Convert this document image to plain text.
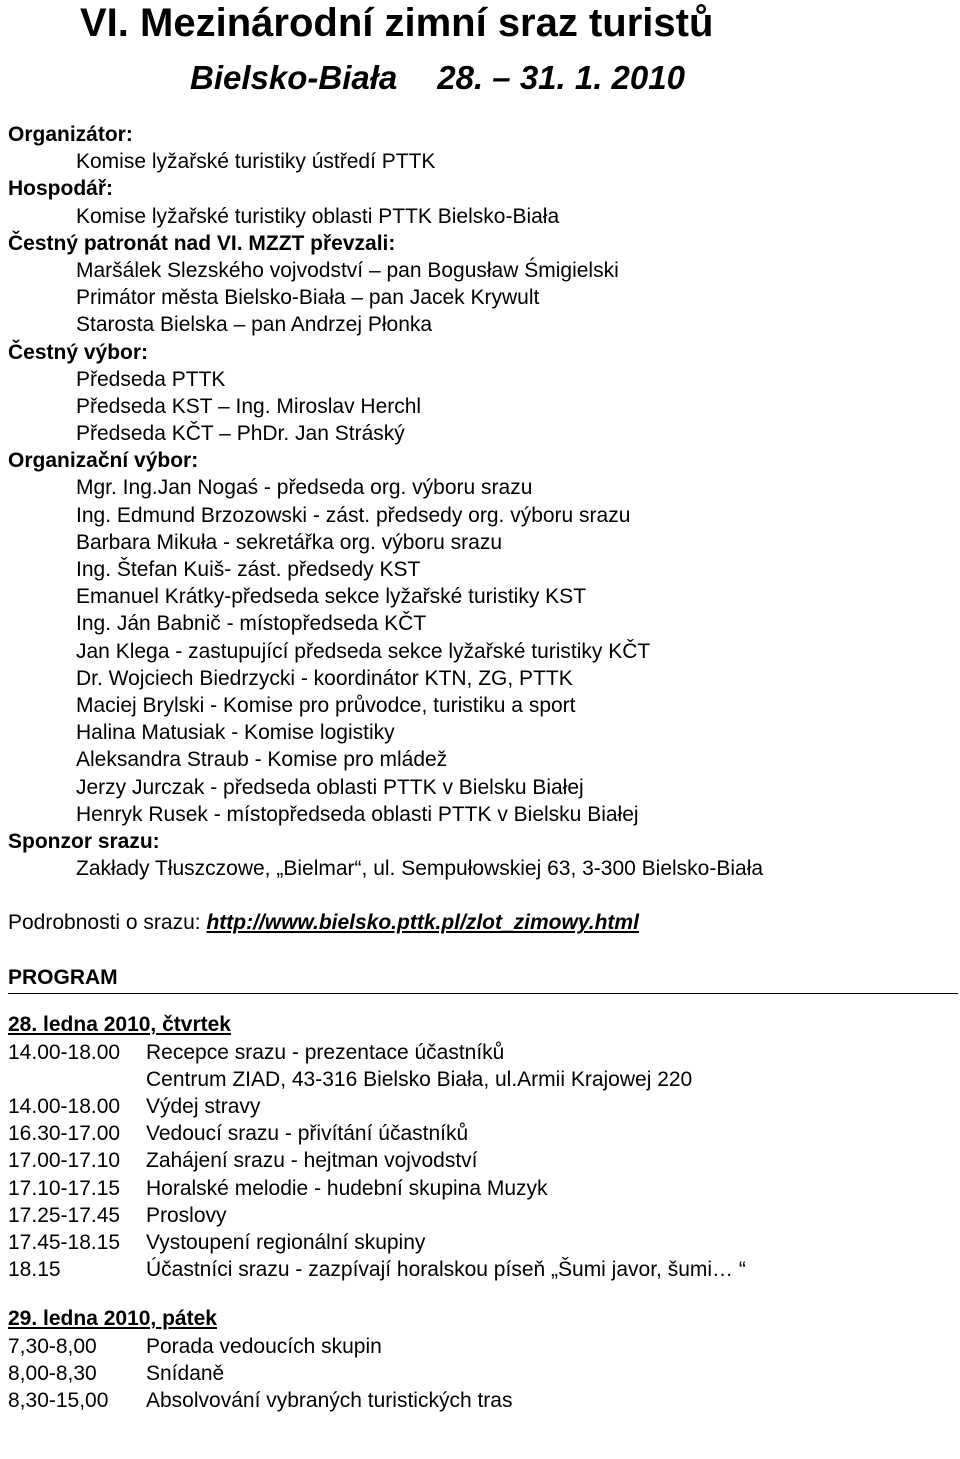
VI. Mezinárodní zimní sraz turistů
Bielsko-Biała 28. – 31. 1. 2010
Organizátor:
Komise lyžařské turistiky ústředí PTTK
Hospodář:
Komise lyžařské turistiky oblasti PTTK Bielsko-Biała
Čestný patronát nad VI. MZZT převzali:
Maršálek Slezského vojvodství – pan Bogusław Śmigielski
Primátor města Bielsko-Biała – pan Jacek Krywult
Starosta Bielska – pan Andrzej Płonka
Čestný výbor:
Předseda PTTK
Předseda KST – Ing. Miroslav Herchl
Předseda KČT – PhDr. Jan Stráský
Organizační výbor:
Mgr. Ing.Jan Nogaś - předseda org. výboru srazu
Ing. Edmund Brzozowski - zást. předsedy org. výboru srazu
Barbara Mikuła - sekretářka org. výboru srazu
Ing. Štefan Kuiš- zást. předsedy KST
Emanuel Krátky-předseda sekce lyžařské turistiky KST
Ing. Ján Babnič - místopředseda KČT
Jan Klega - zastupující předseda sekce lyžařské turistiky KČT
Dr. Wojciech Biedrzycki - koordinátor KTN, ZG, PTTK
Maciej Brylski - Komise pro průvodce, turistiku a sport
Halina Matusiak - Komise logistiky
Aleksandra Straub - Komise pro mládež
Jerzy Jurczak - předseda oblasti PTTK v Bielsku Białej
Henryk Rusek - místopředseda oblasti PTTK v Bielsku Białej
Sponzor srazu:
Zakłady Tłuszczowe, „Bielmar“, ul. Sempułowskiej 63, 3-300 Bielsko-Biała
Podrobnosti o srazu: http://www.bielsko.pttk.pl/zlot_zimowy.html
PROGRAM
28. ledna 2010, čtvrtek
14.00-18.00	Recepce srazu - prezentace účastníků
Centrum ZIAD, 43-316 Bielsko Biała, ul.Armii Krajowej 220
14.00-18.00	Výdej stravy
16.30-17.00	Vedoucí srazu - přivítání účastníků
17.00-17.10	Zahájení srazu - hejtman vojvodství
17.10-17.15	Horalské melodie - hudební skupina Muzyk
17.25-17.45	Proslovy
17.45-18.15	Vystoupení regionální skupiny
18.15	Účastníci srazu - zazpívají horalskou píseň „Šumi javor, šumi… “
29. ledna 2010, pátek
7,30-8,00	Porada vedoucích skupin
8,00-8,30	Snídaně
8,30-15,00	Absolvování vybraných turistických tras
